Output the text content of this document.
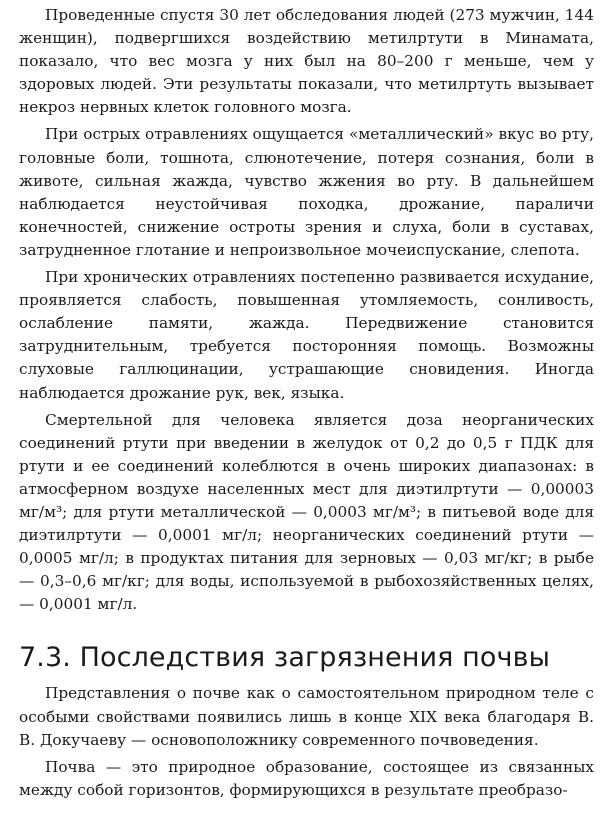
Проведенные спустя 30 лет обследования людей (273 мужчин, 144 женщин), подвергшихся воздействию метилртути в Минамата, показало, что вес мозга у них был на 80–200 г меньше, чем у здоровых людей. Эти результаты показали, что метилртуть вызывает некроз нервных клеток головного мозга.

При острых отравлениях ощущается «металлический» вкус во рту, головные боли, тошнота, слюнотечение, потеря сознания, боли в животе, сильная жажда, чувство жжения во рту. В дальнейшем наблюдается неустойчивая походка, дрожание, параличи конечностей, снижение остроты зрения и слуха, боли в суставах, затрудненное глотание и непроизвольное мочеиспускание, слепота.

При хронических отравлениях постепенно развивается исхудание, проявляется слабость, повышенная утомляемость, сонливость, ослабление памяти, жажда. Передвижение становится затруднительным, требуется посторонняя помощь. Возможны слуховые галлюцинации, устрашающие сновидения. Иногда наблюдается дрожание рук, век, языка.

Смертельной для человека является доза неорганических соединений ртути при введении в желудок от 0,2 до 0,5 г ПДК для ртути и ее соединений колеблются в очень широких диапазонах: в атмосферном воздухе населенных мест для диэтилртути — 0,00003 мг/м³; для ртути металлической — 0,0003 мг/м³; в питьевой воде для диэтилртути — 0,0001 мг/л; неорганических соединений ртути — 0,0005 мг/л; в продуктах питания для зерновых — 0,03 мг/кг; в рыбе — 0,3–0,6 мг/кг; для воды, используемой в рыбохозяйственных целях, — 0,0001 мг/л.

7.3. Последствия загрязнения почвы

Представления о почве как о самостоятельном природном теле с особыми свойствами появились лишь в конце XIX века благодаря В. В. Докучаеву — основоположнику современного почвоведения.

Почва — это природное образование, состоящее из связанных между собой горизонтов, формирующихся в результате преобразо-
